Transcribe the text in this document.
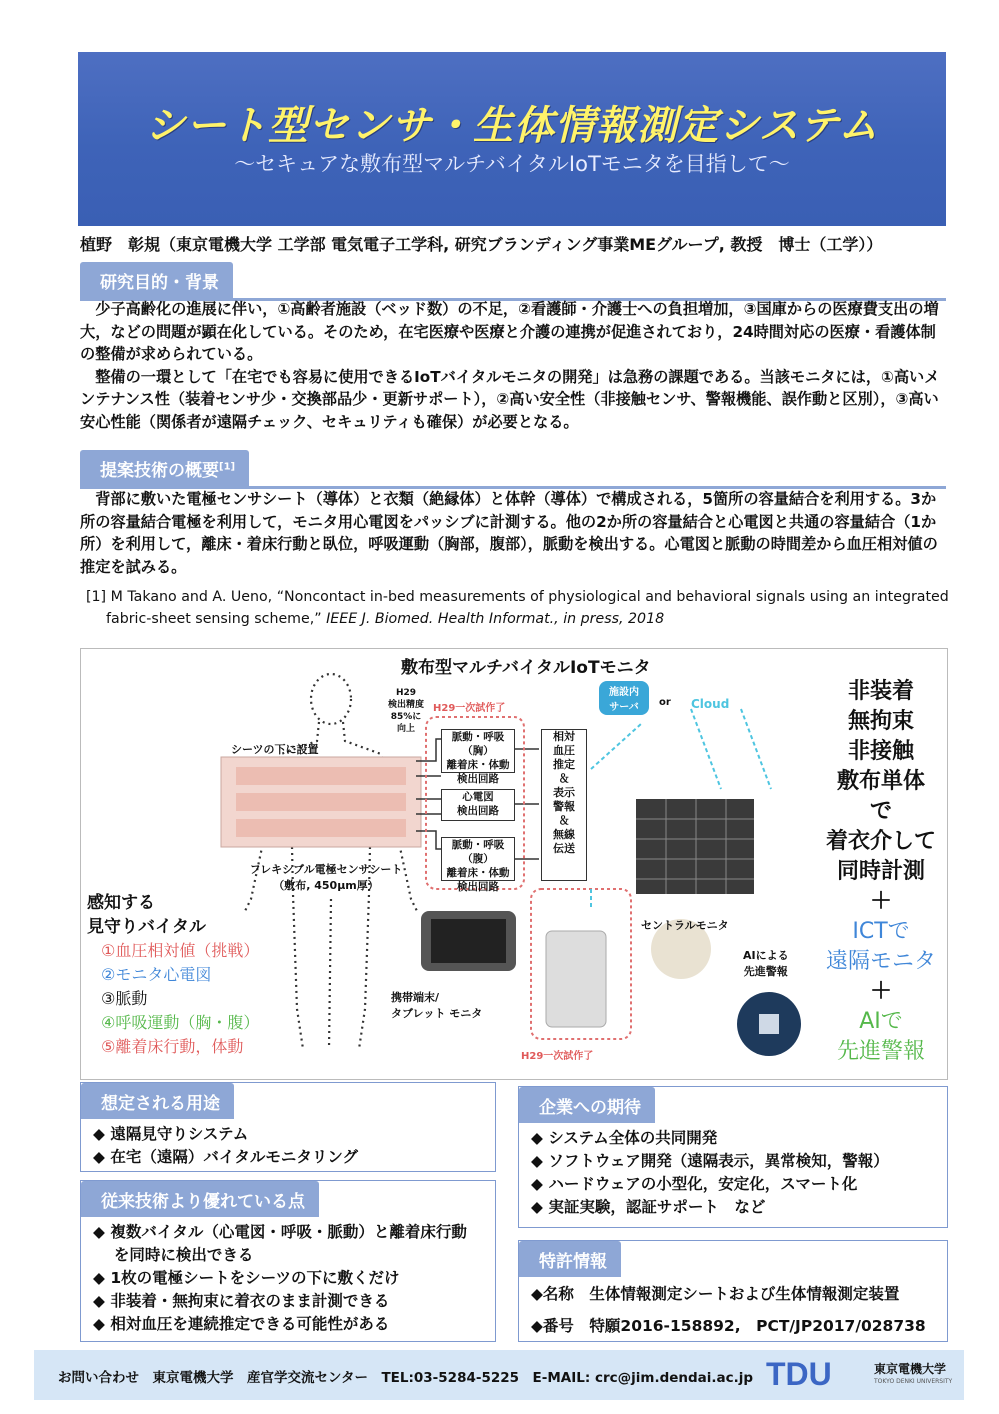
シート型センサ・生体情報測定システム
～セキュアな敷布型マルチバイタルIoTモニタを目指して～
植野　彰規（東京電機大学 工学部 電気電子工学科, 研究ブランディング事業MEグループ, 教授　博士（工学））
研究目的・背景

少子高齢化の進展に伴い，①高齢者施設（ベッド数）の不足，②看護師・介護士への負担増加，③国庫からの医療費支出の増大，などの問題が顕在化している。そのため，在宅医療や医療と介護の連携が促進されており，24時間対応の医療・看護体制の整備が求められている。

整備の一環として「在宅でも容易に使用できるIoTバイタルモニタの開発」は急務の課題である。当該モニタには，①高いメンテナンス性（装着センサ少・交換部品少・更新サポート），②高い安全性（非接触センサ、警報機能、誤作動と区別），③高い安心性能（関係者が遠隔チェック、セキュリティも確保）が必要となる。

提案技術の概要[1]

背部に敷いた電極センサシート（導体）と衣類（絶縁体）と体幹（導体）で構成される，5箇所の容量結合を利用する。3か所の容量結合電極を利用して，モニタ用心電図をパッシブに計測する。他の2か所の容量結合と心電図と共通の容量結合（1か所）を利用して，離床・着床行動と臥位，呼吸運動（胸部，腹部），脈動を検出する。心電図と脈動の時間差から血圧相対値の推定を試みる。

[1] M Takano and A. Ueno, “Noncontact in-bed measurements of physiological and behavioral signals using an integrated fabric-sheet sensing scheme,” IEEE J. Biomed. Health Informat., in press, 2018
敷布型マルチバイタルIoTモニタ
H29
検出精度
85%に
向上
H29一次試作了
シーツの下に設置
フレキシブル電極センサシート
（敷布, 450μm厚）
脈動・呼吸（胸）
離着床・体動
検出回路
心電図
検出回路
脈動・呼吸（腹）
離着床・体動
検出回路
相対
血圧
推定
＆
表示
警報
＆
無線
伝送
施設内
サーバ	or Cloud
セントラルモニタ
携帯端末/
タブレット モニタ
H29一次試作了
AIによる
先進警報
感知する
見守りバイタル
①血圧相対値（挑戦）
②モニタ心電図
③脈動
④呼吸運動（胸・腹）
⑤離着床行動，体動
非装着
無拘束
非接触
敷布単体
で
着衣介して
同時計測
＋
ICTで
遠隔モニタ
＋
AIで
先進警報
想定される用途
◆ 遠隔見守りシステム
◆ 在宅（遠隔）バイタルモニタリング
従来技術より優れている点
◆ 複数バイタル（心電図・呼吸・脈動）と離着床行動
　 を同時に検出できる
◆ 1枚の電極シートをシーツの下に敷くだけ
◆ 非装着・無拘束に着衣のまま計測できる
◆ 相対血圧を連続推定できる可能性がある
企業への期待
◆ システム全体の共同開発
◆ ソフトウェア開発（遠隔表示，異常検知，警報）
◆ ハードウェアの小型化，安定化，スマート化
◆ 実証実験，認証サポート　など
特許情報
◆名称　生体情報測定シートおよび生体情報測定装置
◆番号　特願2016-158892,　PCT/JP2017/028738
お問い合わせ　東京電機大学　産官学交流センター　TEL:03-5284-5225　E-MAIL: crc@jim.dendai.ac.jp TDU	東京電機大学
TOKYO DENKI UNIVERSITY
